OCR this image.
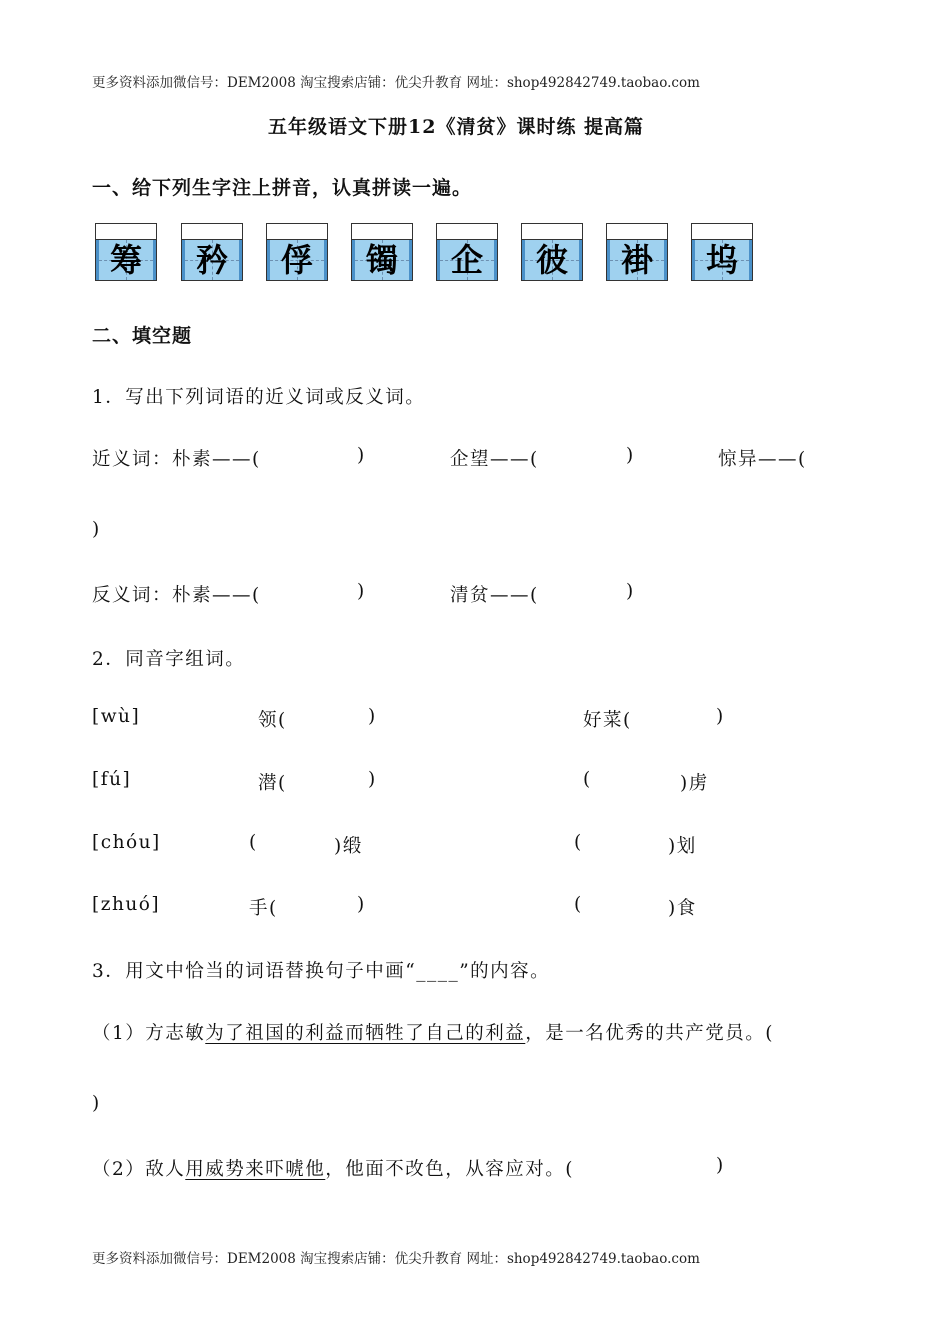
更多资料添加微信号：DEM2008 淘宝搜索店铺：优尖升教育 网址：shop492842749.taobao.com
五年级语文下册12《清贫》课时练 提高篇
一、给下列生字注上拼音，认真拼读一遍。
筹	矜	俘	镯	企	彼	褂	坞
二、填空题
1．写出下列词语的近义词或反义词。
近义词：朴素——(	)	企望——(	)	惊异——(
)
反义词：朴素——(	)	清贫——(	)
2．同音字组词。
[wù]	领(	)	好菜(	)
[fú]	潜(	)	(	)虏
[chóu]	(	)缎	(	)划
[zhuó]	手(	)	(	)食
3．用文中恰当的词语替换句子中画“____”的内容。
（1）方志敏为了祖国的利益而牺牲了自己的利益，是一名优秀的共产党员。(
)
（2）敌人用威势来吓唬他，他面不改色，从容应对。(	)
更多资料添加微信号：DEM2008 淘宝搜索店铺：优尖升教育 网址：shop492842749.taobao.com
